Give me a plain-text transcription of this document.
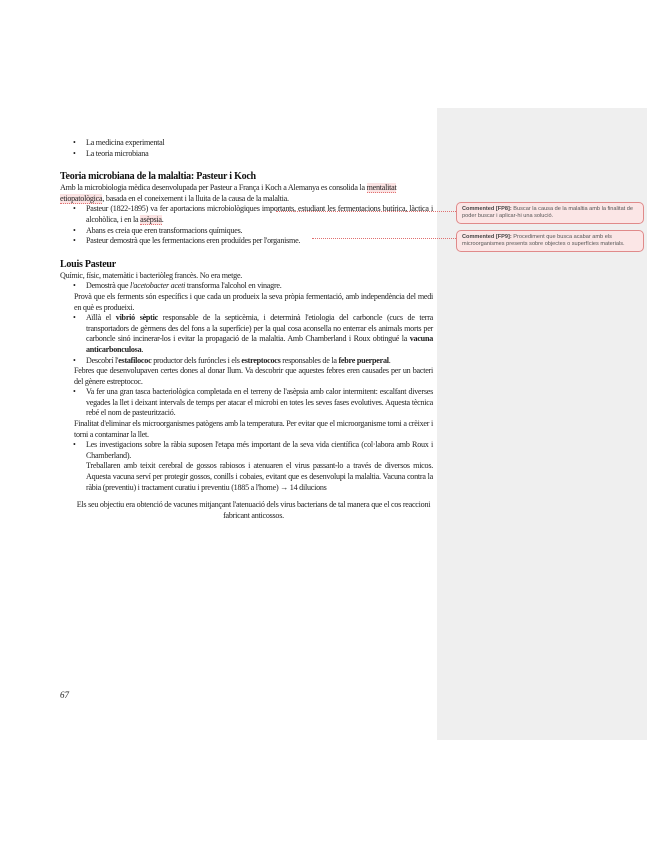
• La medicina experimental
• La teoria microbiana

Teoria microbiana de la malaltia: Pasteur i Koch

Amb la microbiologia mèdica desenvolupada per Pasteur a França i Koch a Alemanya es consolida la mentalitat etiopatològica, basada en el coneixement i la lluita de la causa de la malaltia.

• Pasteur (1822-1895) va fer aportacions microbiològiques importants, estudiant les fermentacions butírica, làctica i alcohòlica, i en la asèpsia.
• Abans es creia que eren transformacions químiques.
• Pasteur demostrà que les fermentacions eren produïdes per l'organisme.

Louis Pasteur

Químic, físic, matemàtic i bacteriòleg francès. No era metge.

• Demostrà que l'acetobacter aceti transforma l'alcohol en vinagre.

Provà que els ferments són específics i que cada un produeix la seva pròpia fermentació, amb independència del medi en què es produeixi.

• Aïllà el vibrió sèptic responsable de la septicèmia, i determinà l'etiologia del carboncle (cucs de terra transportadors de gèrmens des del fons a la superfície) per la qual cosa aconsella no enterrar els animals morts per carboncle sinó incinerar-los i evitar la propagació de la malaltia. Amb Chamberland i Roux obtingué la vacuna anticarbonculosa.
• Descobrí l'estafilococ productor dels furóncles i els estreptococs responsables de la febre puerperal.

Febres que desenvolupaven certes dones al donar llum. Va descobrir que aquestes febres eren causades per un bacteri del gènere estreptococ.

• Va fer una gran tasca bacteriològica completada en el terreny de l'asèpsia amb calor intermitent: escalfant diverses vegades la llet i deixant intervals de temps per atacar el microbi en totes les seves fases evolutives. Aquesta tècnica rebé el nom de pasteurització.

Finalitat d'eliminar els microorganismes patògens amb la temperatura. Per evitar que el microorganisme torni a crèixer i torni a contaminar la llet.

• Les investigacions sobre la ràbia suposen l'etapa més important de la seva vida científica (col·labora amb Roux i Chamberland).
Treballaren amb teixit cerebral de gossos rabiosos i atenuaren el virus passant-lo a través de diversos micos. Aquesta vacuna serví per protegir gossos, conills i cobaies, evitant que es desenvolupi la malaltia. Vacuna contra la ràbia (preventiu) i tractament curatiu i preventiu (1885 a l'home) → 14 dilucions

Els seu objectiu era obtenció de vacunes mitjançant l'atenuació dels virus bacterians de tal manera que el cos reaccioni fabricant anticossos.

67
Commented [FP8]: Buscar la causa de la malaltia amb la finalitat de poder buscar i aplicar-hi una solució.
Commented [FP9]: Procediment que busca acabar amb els microorganismes presents sobre objectes o superfícies materials.
